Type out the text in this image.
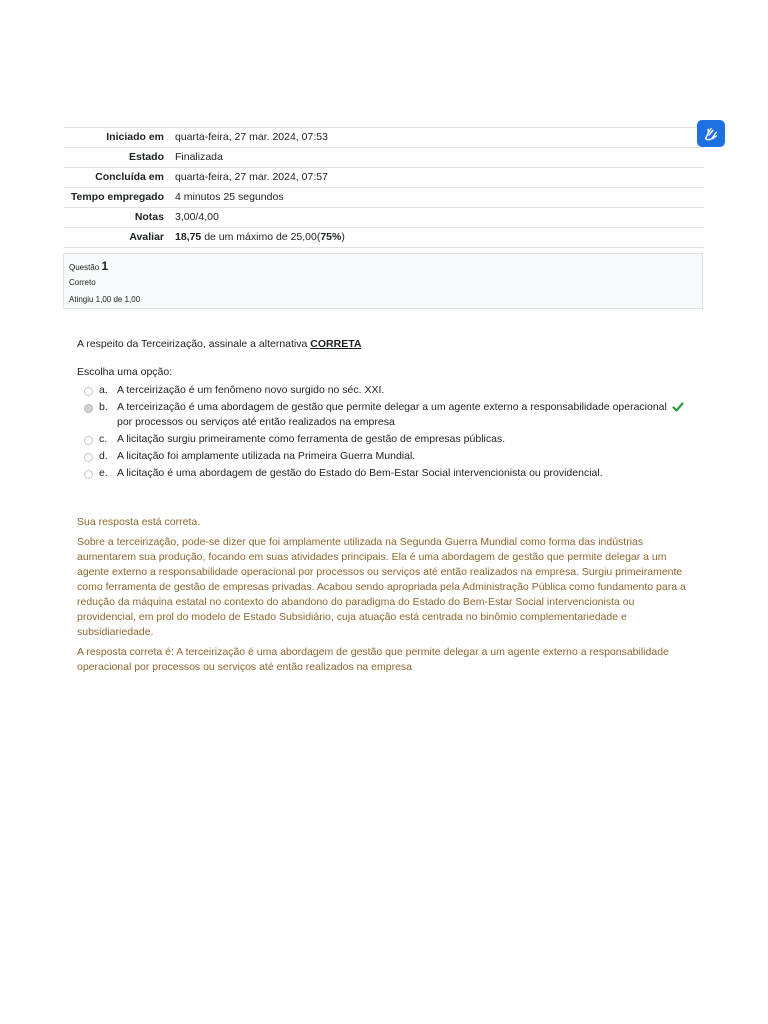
Iniciado em	quarta-feira, 27 mar. 2024, 07:53
Estado	Finalizada
Concluída em	quarta-feira, 27 mar. 2024, 07:57
Tempo empregado	4 minutos 25 segundos
Notas	3,00/4,00
Avaliar	18,75 de um máximo de 25,00(75%)
Questão 1
Correto
Atingiu 1,00 de 1,00
A respeito da Terceirização, assinale a alternativa CORRETA
Escolha uma opção:
a. A terceirização é um fenômeno novo surgido no séc. XXI.
b. A terceirização é uma abordagem de gestão que permite delegar a um agente externo a responsabilidade operacional por processos ou serviços até então realizados na empresa
c. A licitação surgiu primeiramente como ferramenta de gestão de empresas públicas.
d. A licitação foi amplamente utilizada na Primeira Guerra Mundial.
e. A licitação é uma abordagem de gestão do Estado do Bem-Estar Social intervencionista ou providencial.

Sua resposta está correta.

Sobre a terceirização, pode-se dizer que foi amplamente utilizada na Segunda Guerra Mundial como forma das indústrias aumentarem sua produção, focando em suas atividades principais. Ela é uma abordagem de gestão que permite delegar a um agente externo a responsabilidade operacional por processos ou serviços até então realizados na empresa. Surgiu primeiramente como ferramenta de gestão de empresas privadas. Acabou sendo apropriada pela Administração Pública como fundamento para a redução da máquina estatal no contexto do abandono do paradigma do Estado do Bem-Estar Social intervencionista ou providencial, em prol do modelo de Estado Subsidiário, cuja atuação está centrada no binômio complementariedade e subsidiariedade.

A resposta correta é: A terceirização é uma abordagem de gestão que permite delegar a um agente externo a responsabilidade operacional por processos ou serviços até então realizados na empresa
